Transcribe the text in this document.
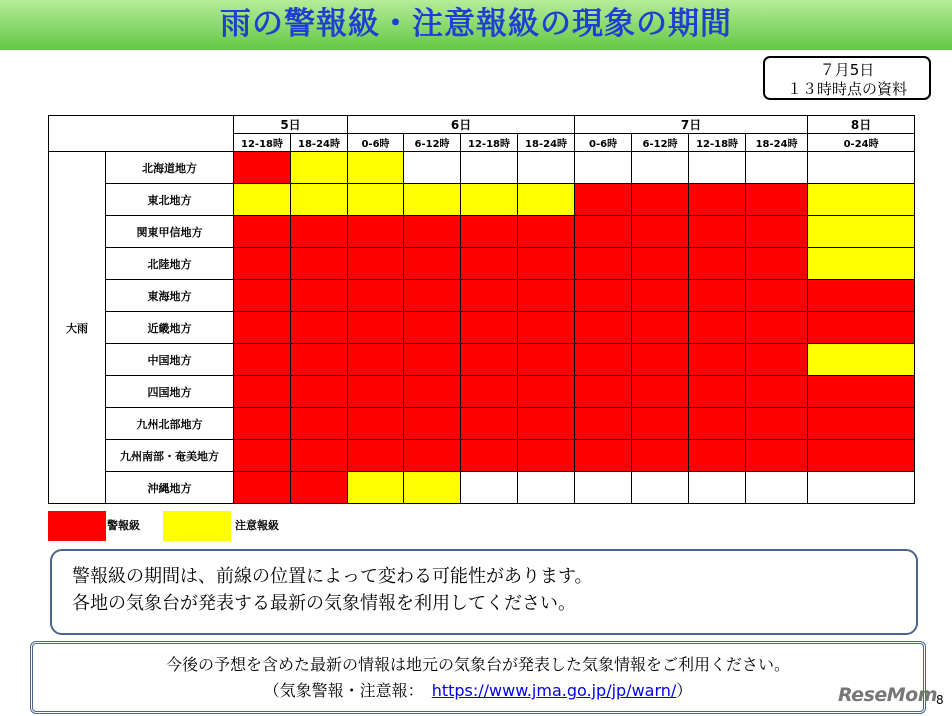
雨の警報級・注意報級の現象の期間
７月5日
１３時時点の資料
		5日		6日				7日				8日
		12-18時	18-24時	0-6時	6-12時	12-18時	18-24時	0-6時	6-12時	12-18時	18-24時	0-24時
大雨	北海道地方											
	東北地方											
	関東甲信地方											
	北陸地方											
	東海地方											
	近畿地方											
	中国地方											
	四国地方											
	九州北部地方											
	九州南部・奄美地方											
	沖縄地方											
警報級	注意報級
警報級の期間は、前線の位置によって変わる可能性があります。
各地の気象台が発表する最新の気象情報を利用してください。
今後の予想を含めた最新の情報は地元の気象台が発表した気象情報をご利用ください。
（気象警報・注意報：　https://www.jma.go.jp/jp/warn/）	ReseMom
8
